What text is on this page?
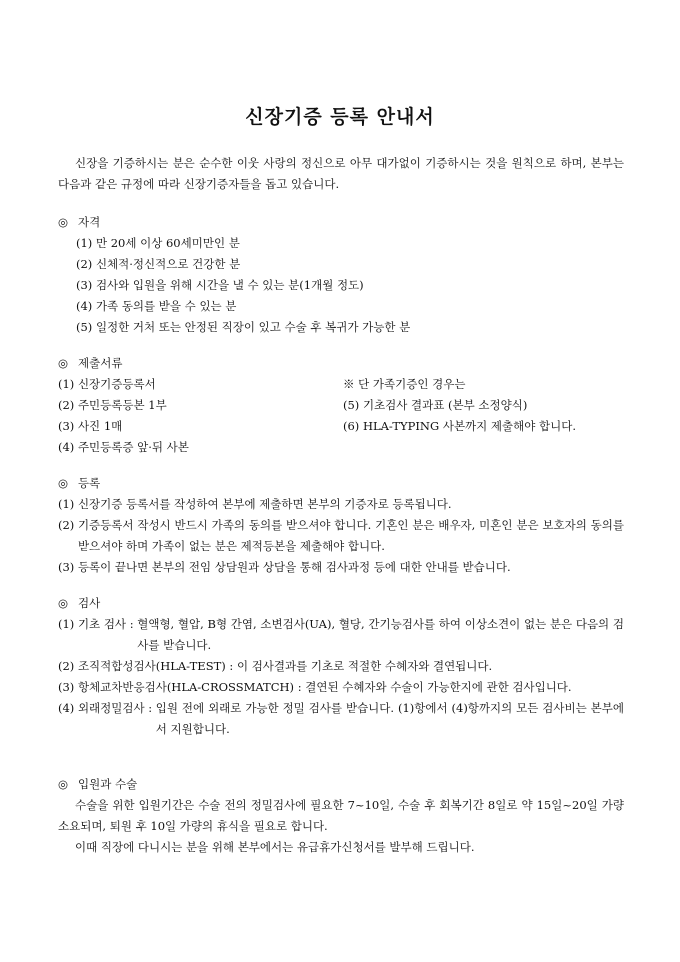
신장기증 등록 안내서

신장을 기증하시는 분은 순수한 이웃 사랑의 정신으로 아무 대가없이 기증하시는 것을 원칙으로 하며, 본부는 다음과 같은 규정에 따라 신장기증자들을 돕고 있습니다.

◎ 자격
(1) 만 20세 이상 60세미만인 분
(2) 신체적·정신적으로 건강한 분
(3) 검사와 입원을 위해 시간을 낼 수 있는 분(1개월 정도)
(4) 가족 동의를 받을 수 있는 분
(5) 일정한 거처 또는 안정된 직장이 있고 수술 후 복귀가 가능한 분
◎ 제출서류
(1) 신장기증등록서
(2) 주민등록등본 1부
(3) 사진 1매
(4) 주민등록증 앞·뒤 사본
※ 단 가족기증인 경우는
(5) 기초검사 결과표 (본부 소정양식)
(6) HLA-TYPING 사본까지 제출해야 합니다.
◎ 등록
(1) 신장기증 등록서를 작성하여 본부에 제출하면 본부의 기증자로 등록됩니다.
(2) 기증등록서 작성시 반드시 가족의 동의를 받으셔야 합니다. 기혼인 분은 배우자, 미혼인 분은 보호자의 동의를 받으셔야 하며 가족이 없는 분은 제적등본을 제출해야 합니다.
(3) 등록이 끝나면 본부의 전임 상담원과 상담을 통해 검사과정 등에 대한 안내를 받습니다.
◎ 검사
(1) 기초 검사 : 혈액형, 혈압, B형 간염, 소변검사(UA), 혈당, 간기능검사를 하여 이상소견이 없는 분은 다음의 검사를 받습니다.
(2) 조직적합성검사(HLA-TEST) : 이 검사결과를 기초로 적절한 수혜자와 결연됩니다.
(3) 항체교차반응검사(HLA-CROSSMATCH) : 결연된 수혜자와 수술이 가능한지에 관한 검사입니다.
(4) 외래정밀검사 : 입원 전에 외래로 가능한 정밀 검사를 받습니다. (1)항에서 (4)항까지의 모든 검사비는 본부에서 지원합니다.
◎ 입원과 수술

수술을 위한 입원기간은 수술 전의 정밀검사에 필요한 7~10일, 수술 후 회복기간 8일로 약 15일~20일 가량 소요되며, 퇴원 후 10일 가량의 휴식을 필요로 합니다.

이때 직장에 다니시는 분을 위해 본부에서는 유급휴가신청서를 발부해 드립니다.
